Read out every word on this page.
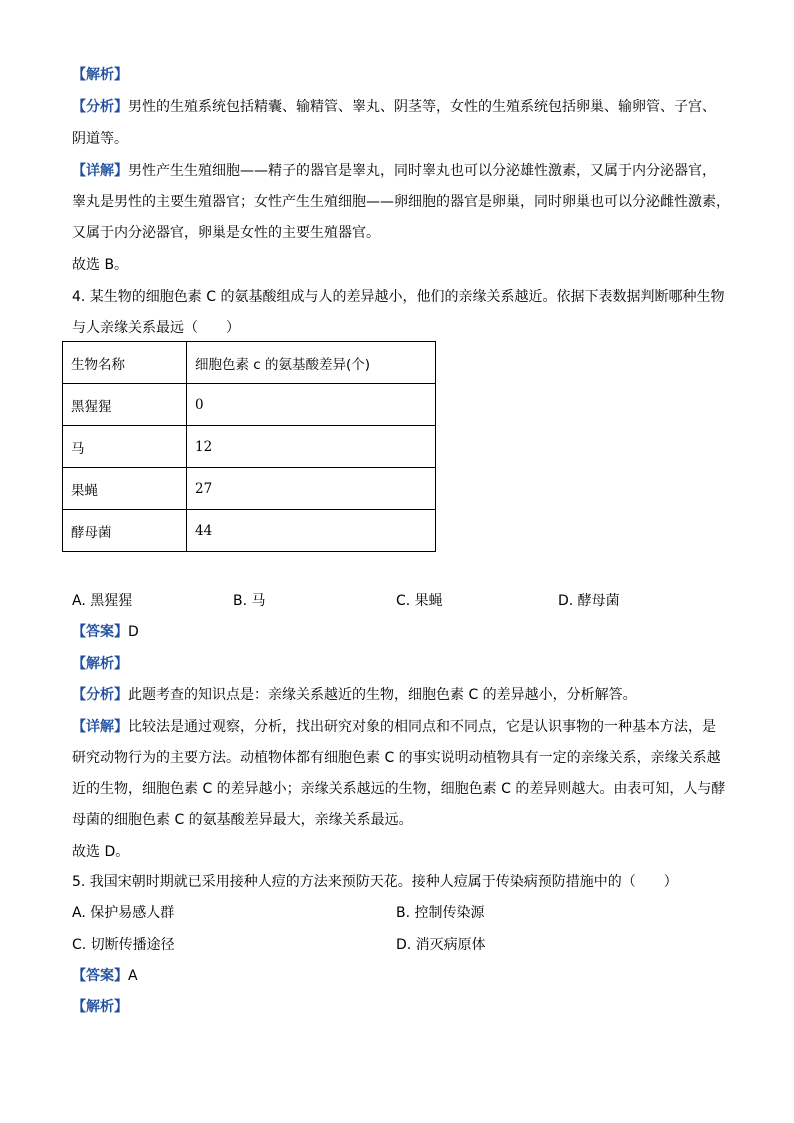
【解析】
【分析】男性的生殖系统包括精囊、输精管、睾丸、阴茎等，女性的生殖系统包括卵巢、输卵管、子宫、
阴道等。
【详解】男性产生生殖细胞——精子的器官是睾丸，同时睾丸也可以分泌雄性激素，又属于内分泌器官，
睾丸是男性的主要生殖器官；女性产生生殖细胞——卵细胞的器官是卵巢，同时卵巢也可以分泌雌性激素，
又属于内分泌器官，卵巢是女性的主要生殖器官。
故选 B。
4. 某生物的细胞色素 C 的氨基酸组成与人的差异越小，他们的亲缘关系越近。依据下表数据判断哪种生物
与人亲缘关系最远（　　）
生物名称	细胞色素 c 的氨基酸差异(个)
黑猩猩	0
马	12
果蝇	27
酵母菌	44
A. 黑猩猩	B. 马	C. 果蝇	D. 酵母菌
【答案】D
【解析】
【分析】此题考查的知识点是：亲缘关系越近的生物，细胞色素 C 的差异越小，分析解答。
【详解】比较法是通过观察，分析，找出研究对象的相同点和不同点，它是认识事物的一种基本方法，是
研究动物行为的主要方法。动植物体都有细胞色素 C 的事实说明动植物具有一定的亲缘关系，亲缘关系越
近的生物，细胞色素 C 的差异越小；亲缘关系越远的生物，细胞色素 C 的差异则越大。由表可知，人与酵
母菌的细胞色素 C 的氨基酸差异最大，亲缘关系最远。
故选 D。
5. 我国宋朝时期就已采用接种人痘的方法来预防天花。接种人痘属于传染病预防措施中的（　　）
A. 保护易感人群	B. 控制传染源
C. 切断传播途径	D. 消灭病原体
【答案】A
【解析】
